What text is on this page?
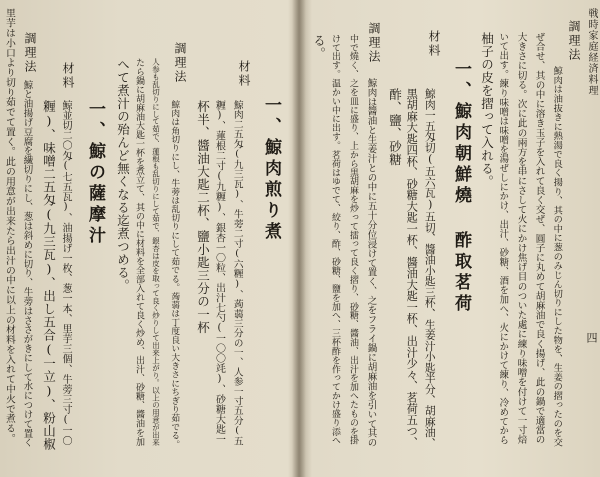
戦時家庭経済料理
四
調理法
鯨肉は油抜きに熱湯で良く揚り、其の中に葱のみじん切りにした物を、生姜の摺ったのを交
ぜ合せ、其の中に溶き玉子を入れて良く交ぜ、圓子に丸めて胡麻油で良く揚げ、此の鍋で適當の
大きさに切る。次に此の兩方を串にさして火にかけ焦げ目のついた處に練り味噌を付けて一寸焙
いて出す。練り味噌は味噌を湯ぜしにかけ、出汁、砂糖、酒を加へ、火にかけて練り、冷めてから
柚子の皮を摺って入れる。
一、鯨肉朝鮮燒 酢取茗荷
材料
鯨肉一五匁切(五六瓦)五切、醬油小匙三杯、生姜汁小匙半分、胡麻油、
黒胡麻大匙四杯、砂糖大匙一杯、醬油大匙一杯、出汁少々、茗荷五つ、
酢、鹽、砂糖
調理法
鯨肉は醬油と生姜汁との中に五十分位浸けて置く、之をフライ鍋に胡麻油を引いて其の
中で燒く、之を皿に盛り、上から黒胡麻を炒って擂って良く摺り、砂糖、醬油、出汁を加へたものを掛
けて出す。温かい中に出す。茗荷はゆでて、絞り、酢、砂糖、鹽を加へ、三杯酢を作ってかけ盛り添へ
る。
一、鯨肉煎り煮
材料
鯨肉二五匁(九三瓦)、牛蒡二寸(六糎)、蒟蒻三分の一、人参一寸五分(五
糎)、蓮根二寸(九糎)、銀杏一〇粒、出汁七勺(一〇〇竓)、砂糖大匙一
杯半、醬油大匙二杯、鹽小匙三分の一杯
調理法
鯨肉は角切りにし、牛蒡は乱切りにして茹でる。蒟蒻は丁度良い大きさにちぎり茹でる。
人参も乱切りにして茹で、蓮根も乱切りにして茹で、銀杏は皮を取って良く炒りして出来上がり。以上の用意が出来
たら鍋に胡麻油大匙一杯を煮立て、其の中に材料を全部入れて良く炒め、出汁、砂糖、醬油を加
へて煮汁の殆んど無くなる迄煮つめる。
一、鯨の薩摩汁
材料
鯨並切二〇匁(七五瓦)、油揚げ一枚、葱一本、里芋三個、牛蒡三寸(一〇
糎)、味噌二五匁(九三瓦)、出し五合(一立)、粉山椒
調理法
鯨と油揚げ豆腐を繊切りにし、葱は斜めに切り、牛蒡はささがきにして水につけて置く
里芋は小口より切り茹でて置く。此の用意が出来たら出汁の中に以上の材料を入れて中火で煮る。
